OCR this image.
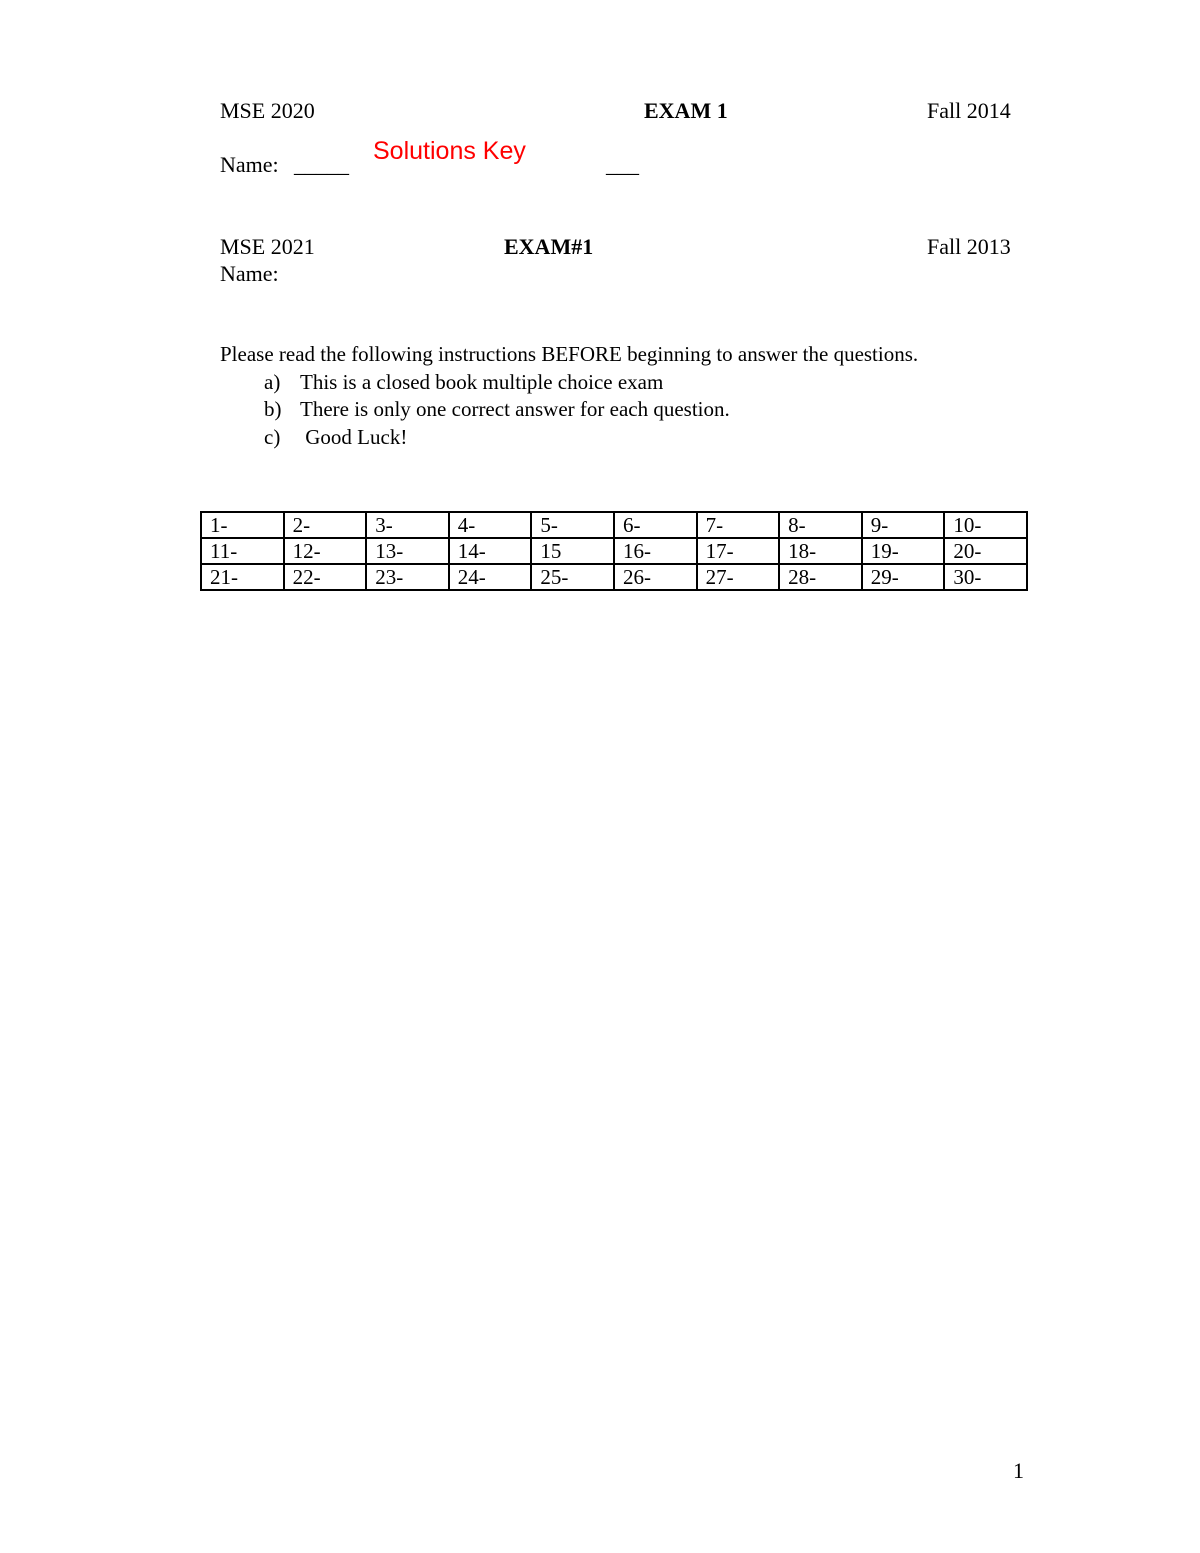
MSE 2020	EXAM 1	Fall 2014
Name: _____ Solutions Key	___
MSE 2021	EXAM#1	Fall 2013
Name:
Please read the following instructions BEFORE beginning to answer the questions.
a) This is a closed book multiple choice exam
b) There is only one correct answer for each question.
c) Good Luck!
1-	2-	3-	4-	5-	6-	7-	8-	9-	10-
11-	12-	13-	14-	15	16-	17-	18-	19-	20-
21-	22-	23-	24-	25-	26-	27-	28-	29-	30-
1
